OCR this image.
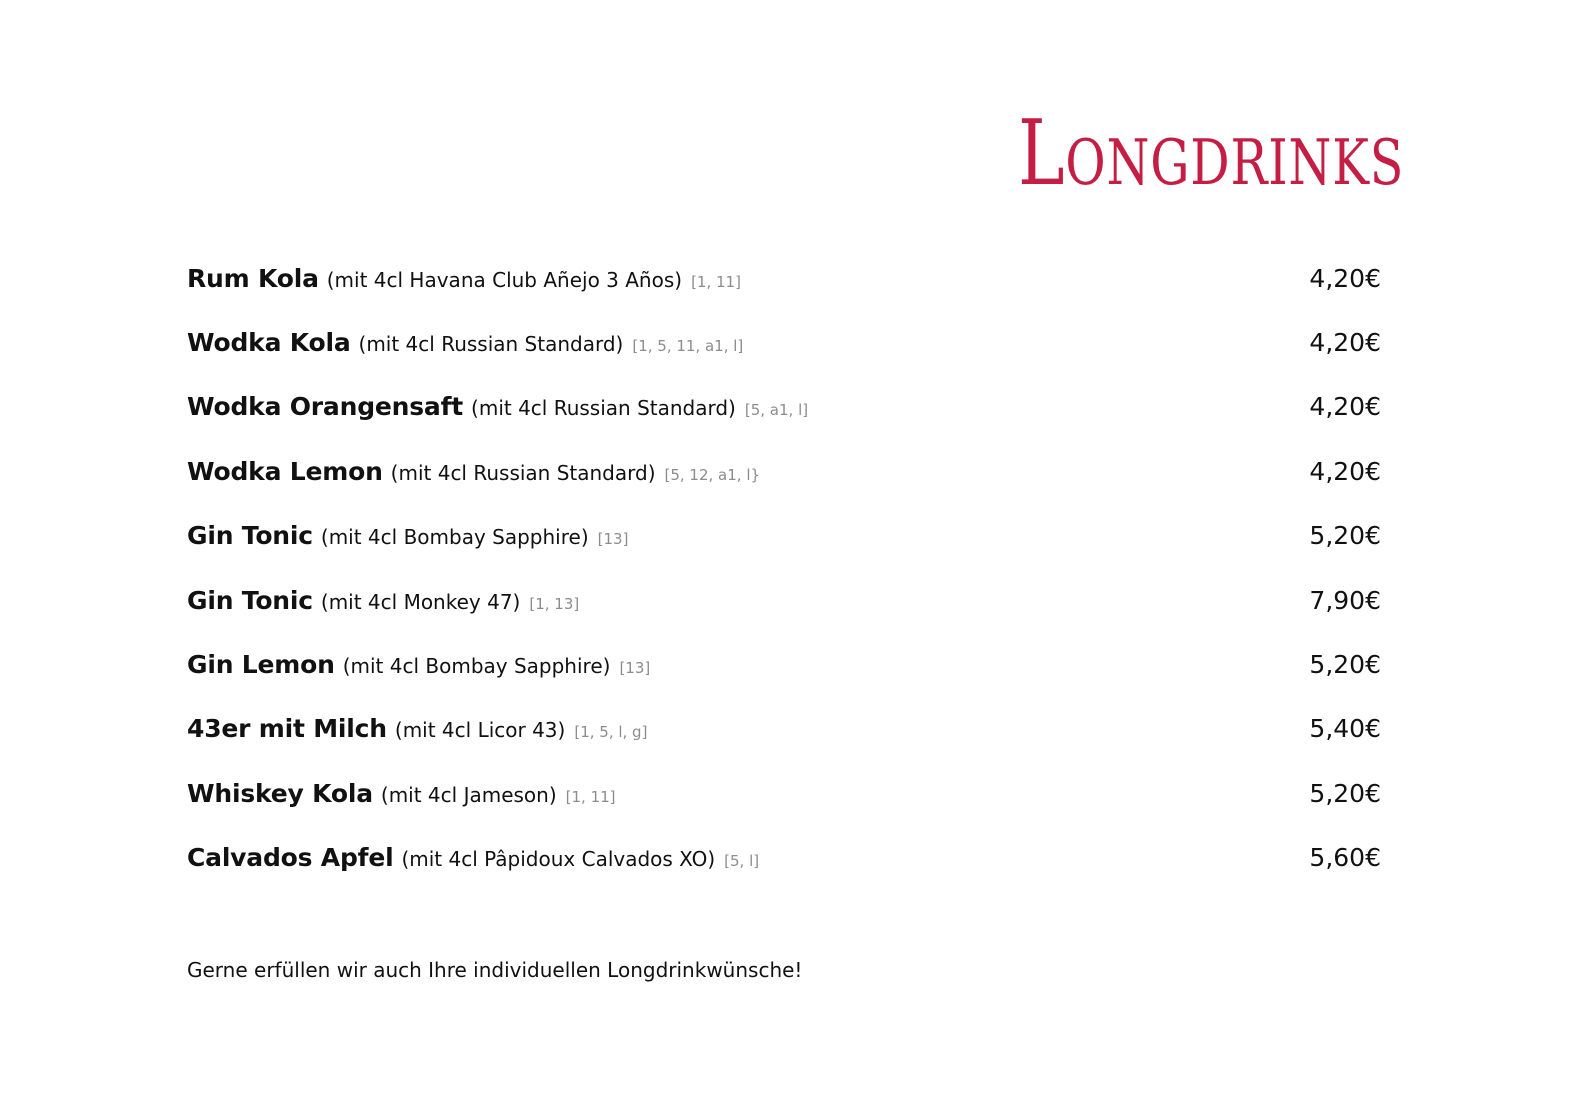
Longdrinks
Rum Kola (mit 4cl Havana Club Añejo 3 Años) [1, 11]	4,20€
Wodka Kola (mit 4cl Russian Standard) [1, 5, 11, a1, l]	4,20€
Wodka Orangensaft (mit 4cl Russian Standard) [5, a1, l]	4,20€
Wodka Lemon (mit 4cl Russian Standard) [5, 12, a1, l}	4,20€
Gin Tonic (mit 4cl Bombay Sapphire) [13]	5,20€
Gin Tonic (mit 4cl Monkey 47) [1, 13]	7,90€
Gin Lemon (mit 4cl Bombay Sapphire) [13]	5,20€
43er mit Milch (mit 4cl Licor 43) [1, 5, l, g]	5,40€
Whiskey Kola (mit 4cl Jameson) [1, 11]	5,20€
Calvados Apfel (mit 4cl Pâpidoux Calvados XO) [5, l]	5,60€

Gerne erfüllen wir auch Ihre individuellen Longdrinkwünsche!
